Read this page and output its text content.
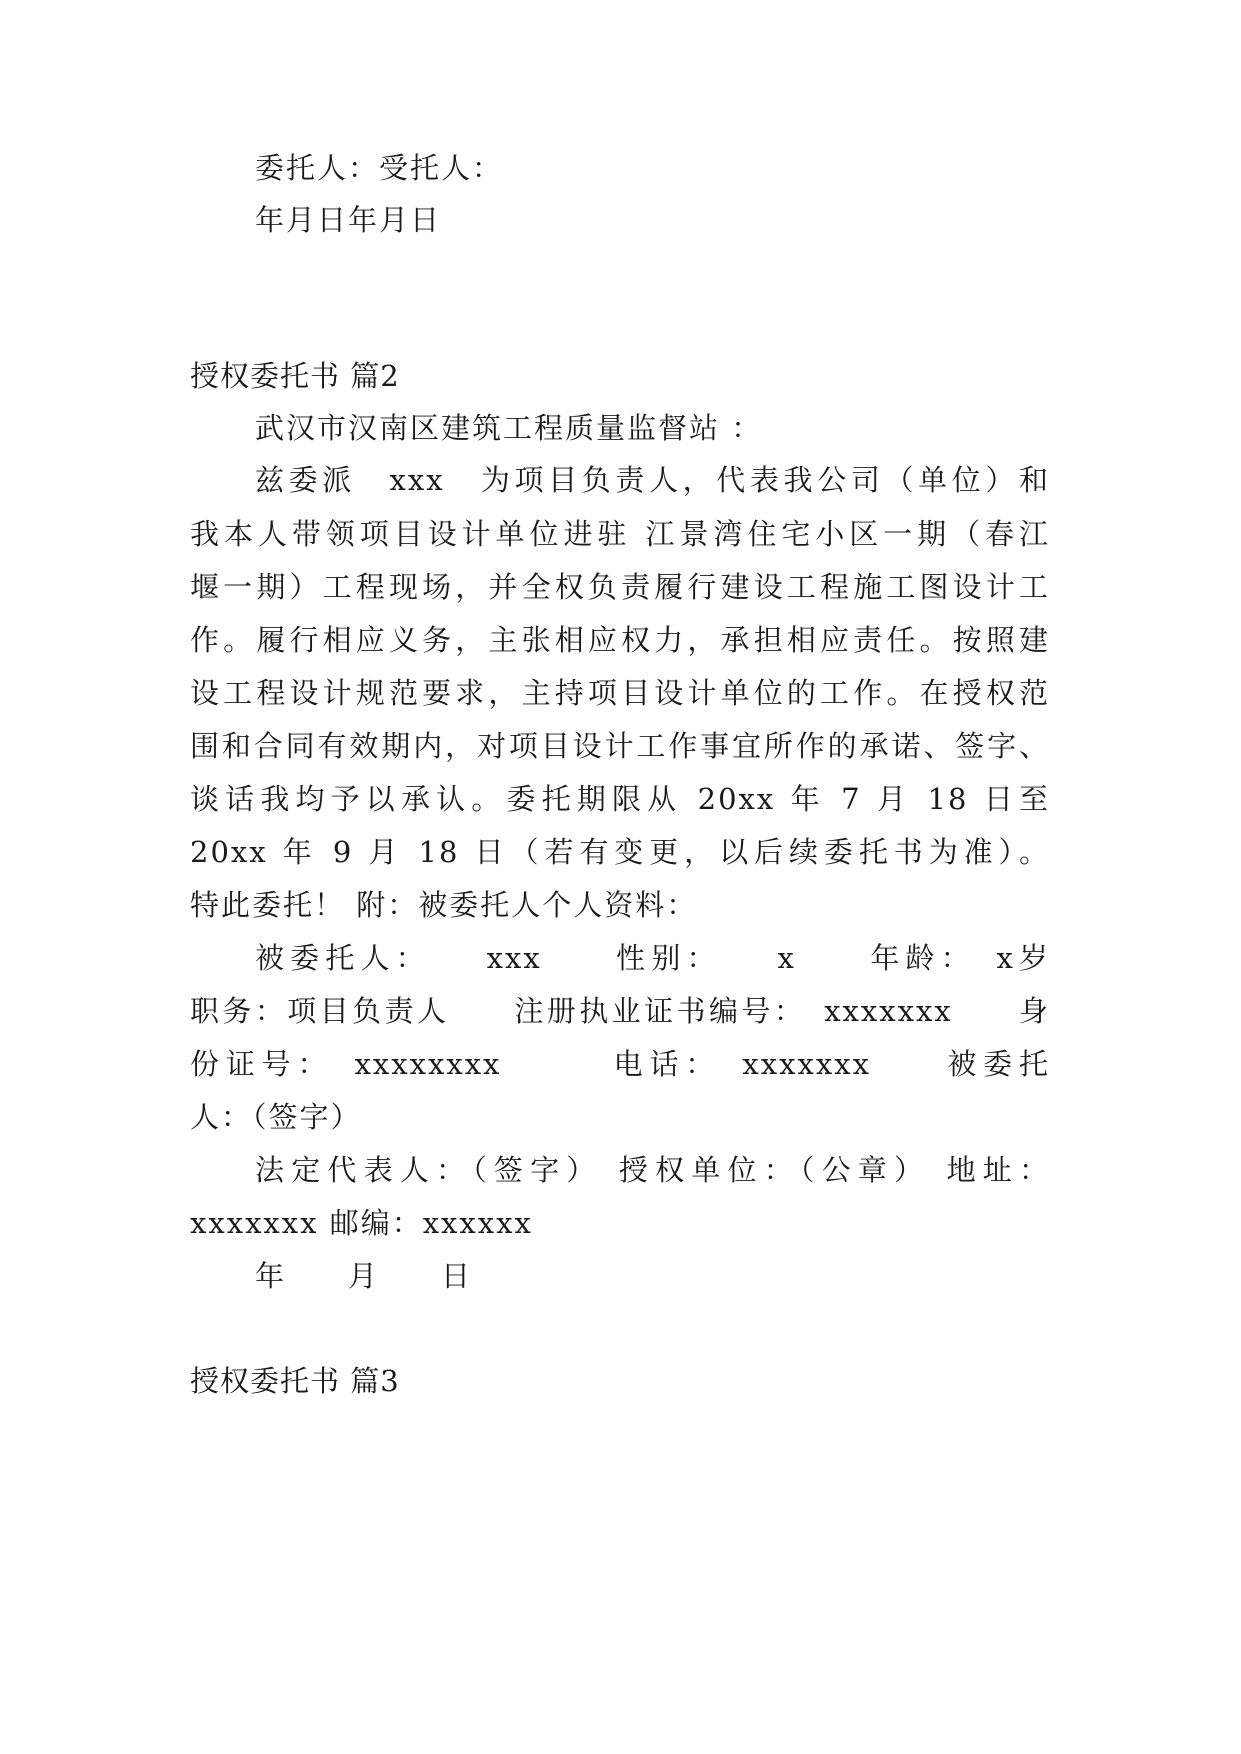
委托人：受托人：
年月日年月日
授权委托书 篇2
武汉市汉南区建筑工程质量监督站 ：
兹委派　xxx　为项目负责人，代表我公司（单位）和
我本人带领项目设计单位进驻 江景湾住宅小区一期（春江
堰一期）工程现场，并全权负责履行建设工程施工图设计工
作。履行相应义务，主张相应权力，承担相应责任。按照建
设工程设计规范要求，主持项目设计单位的工作。在授权范
围和合同有效期内，对项目设计工作事宜所作的承诺、签字、
谈话我均予以承认。委托期限从 20xx 年 7 月 18 日至
20xx 年 9 月 18 日（若有变更，以后续委托书为准）。
特此委托！ 附：被委托人个人资料：
被委托人：　　xxx　　性别：　　x　　年龄：　x岁
职务：项目负责人　　注册执业证书编号：　xxxxxxx　　身
份证号：　xxxxxxxx　　　电话：　xxxxxxx　　被委托
人：（签字）
法定代表人：（签字） 授权单位：（公章） 地址：
xxxxxxx 邮编：xxxxxx
年　　月　　日
授权委托书 篇3
